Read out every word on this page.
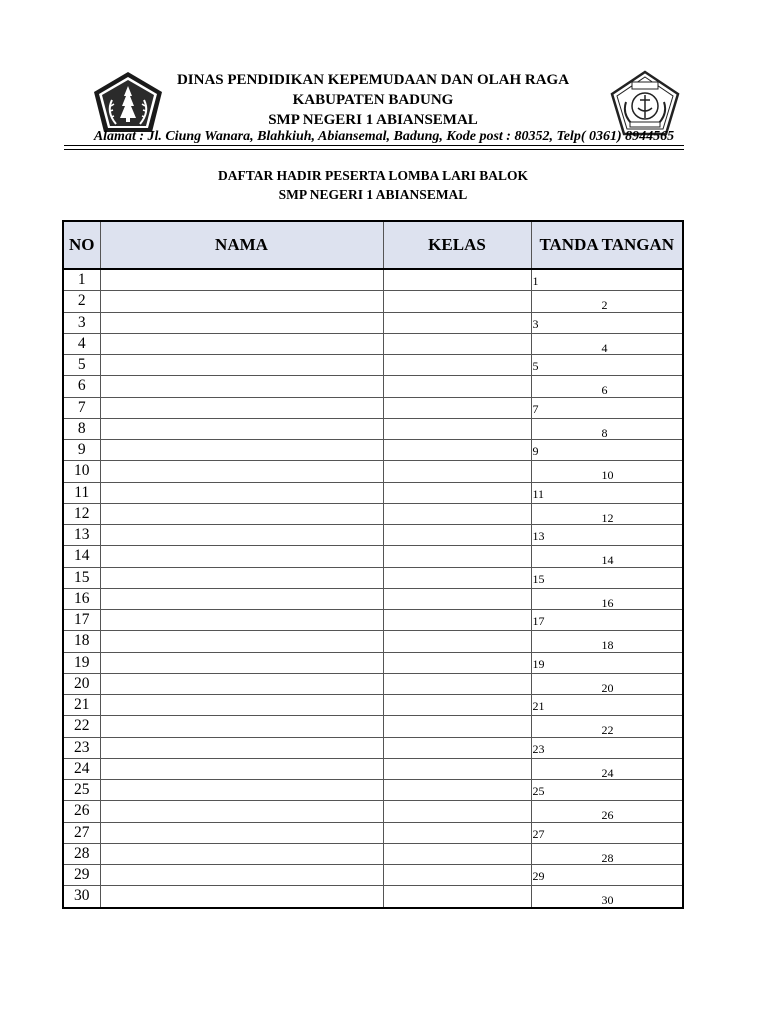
DINAS PENDIDIKAN KEPEMUDAAN DAN OLAH RAGA
KABUPATEN BADUNG
SMP NEGERI 1 ABIANSEMAL
Alamat : Jl. Ciung Wanara, Blahkiuh, Abiansemal, Badung, Kode post : 80352, Telp( 0361) 8944565
DAFTAR HADIR PESERTA LOMBA LARI BALOK
SMP NEGERI 1 ABIANSEMAL
NO	NAMA	KELAS	TANDA TANGAN
1			1

2			2

3			3

4			4

5			5

6			6

7			7

8			8

9			9

10			10

11			11

12			12

13			13

14			14

15			15

16			16

17			17

18			18

19			19

20			20

21			21

22			22

23			23

24			24

25			25

26			26

27			27

28			28

29			29

30			30
